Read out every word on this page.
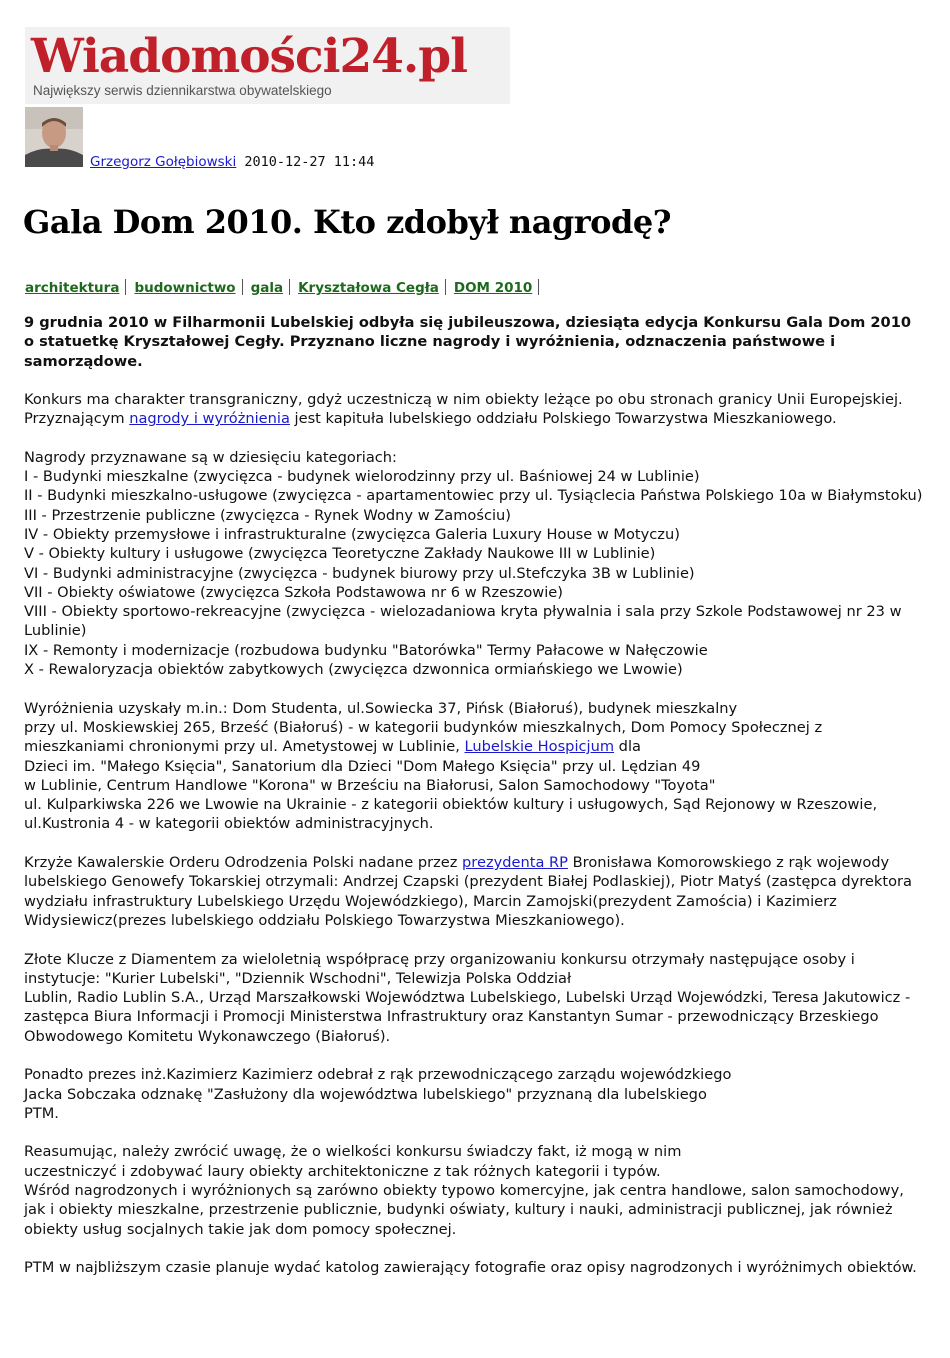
Wiadomości24.pl
Największy serwis dziennikarstwa obywatelskiego
Grzegorz Gołębiowski 2010-12-27 11:44
Gala Dom 2010. Kto zdobył nagrodę?
architektura budownictwo gala Kryształowa Cegła DOM 2010

9 grudnia 2010 w Filharmonii Lubelskiej odbyła się jubileuszowa, dziesiąta edycja Konkursu Gala Dom 2010 o statuetkę Kryształowej Cegły. Przyznano liczne nagrody i wyróżnienia, odznaczenia państwowe i samorządowe.

Konkurs ma charakter transgraniczny, gdyż uczestniczą w nim obiekty leżące po obu stronach granicy Unii Europejskiej. Przyznającym nagrody i wyróżnienia jest kapituła lubelskiego oddziału Polskiego Towarzystwa Mieszkaniowego.

Nagrody przyznawane są w dziesięciu kategoriach:

I - Budynki mieszkalne (zwycięzca - budynek wielorodzinny przy ul. Baśniowej 24 w Lublinie)

II - Budynki mieszkalno-usługowe (zwycięzca - apartamentowiec przy ul. Tysiąclecia Państwa Polskiego 10a w Białymstoku)

III - Przestrzenie publiczne (zwycięzca - Rynek Wodny w Zamościu)

IV - Obiekty przemysłowe i infrastrukturalne (zwycięzca Galeria Luxury House w Motyczu)

V - Obiekty kultury i usługowe (zwycięzca Teoretyczne Zakłady Naukowe III w Lublinie)

VI - Budynki administracyjne (zwycięzca - budynek biurowy przy ul.Stefczyka 3B w Lublinie)

VII - Obiekty oświatowe (zwycięzca Szkoła Podstawowa nr 6 w Rzeszowie)

VIII - Obiekty sportowo-rekreacyjne (zwycięzca - wielozadaniowa kryta pływalnia i sala przy Szkole Podstawowej nr 23 w Lublinie)

IX - Remonty i modernizacje (rozbudowa budynku "Batorówka" Termy Pałacowe w Nałęczowie

X - Rewaloryzacja obiektów zabytkowych (zwycięzca dzwonnica ormiańskiego we Lwowie)

Wyróżnienia uzyskały m.in.: Dom Studenta, ul.Sowiecka 37, Pińsk (Białoruś), budynek mieszkalny
przy ul. Moskiewskiej 265, Brześć (Białoruś) - w kategorii budynków mieszkalnych, Dom Pomocy Społecznej z mieszkaniami chronionymi przy ul. Ametystowej w Lublinie, Lubelskie Hospicjum dla
Dzieci im. "Małego Księcia", Sanatorium dla Dzieci "Dom Małego Księcia" przy ul. Lędzian 49
w Lublinie, Centrum Handlowe "Korona" w Brześciu na Białorusi, Salon Samochodowy "Toyota"
ul. Kulparkiwska 226 we Lwowie na Ukrainie - z kategorii obiektów kultury i usługowych, Sąd Rejonowy w Rzeszowie, ul.Kustronia 4 - w kategorii obiektów administracyjnych.

Krzyże Kawalerskie Orderu Odrodzenia Polski nadane przez prezydenta RP Bronisława Komorowskiego z rąk wojewody lubelskiego Genowefy Tokarskiej otrzymali: Andrzej Czapski (prezydent Białej Podlaskiej), Piotr Matyś (zastępca dyrektora wydziału infrastruktury Lubelskiego Urzędu Wojewódzkiego), Marcin Zamojski(prezydent Zamościa) i Kazimierz Widysiewicz(prezes lubelskiego oddziału Polskiego Towarzystwa Mieszkaniowego).

Złote Klucze z Diamentem za wieloletnią współpracę przy organizowaniu konkursu otrzymały następujące osoby i instytucje: "Kurier Lubelski", "Dziennik Wschodni", Telewizja Polska Oddział
Lublin, Radio Lublin S.A., Urząd Marszałkowski Województwa Lubelskiego, Lubelski Urząd Wojewódzki, Teresa Jakutowicz - zastępca Biura Informacji i Promocji Ministerstwa Infrastruktury oraz Kanstantyn Sumar - przewodniczący Brzeskiego Obwodowego Komitetu Wykonawczego (Białoruś).

Ponadto prezes inż.Kazimierz Kazimierz odebrał z rąk przewodniczącego zarządu wojewódzkiego
Jacka Sobczaka odznakę "Zasłużony dla województwa lubelskiego" przyznaną dla lubelskiego
PTM.

Reasumując, należy zwrócić uwagę, że o wielkości konkursu świadczy fakt, iż mogą w nim
uczestniczyć i zdobywać laury obiekty architektoniczne z tak różnych kategorii i typów.
Wśród nagrodzonych i wyróżnionych są zarówno obiekty typowo komercyjne, jak centra handlowe, salon samochodowy, jak i obiekty mieszkalne, przestrzenie publicznie, budynki oświaty, kultury i nauki, administracji publicznej, jak również obiekty usług socjalnych takie jak dom pomocy społecznej.

PTM w najbliższym czasie planuje wydać katolog zawierający fotografie oraz opisy nagrodzonych i wyróżnimych obiektów.
